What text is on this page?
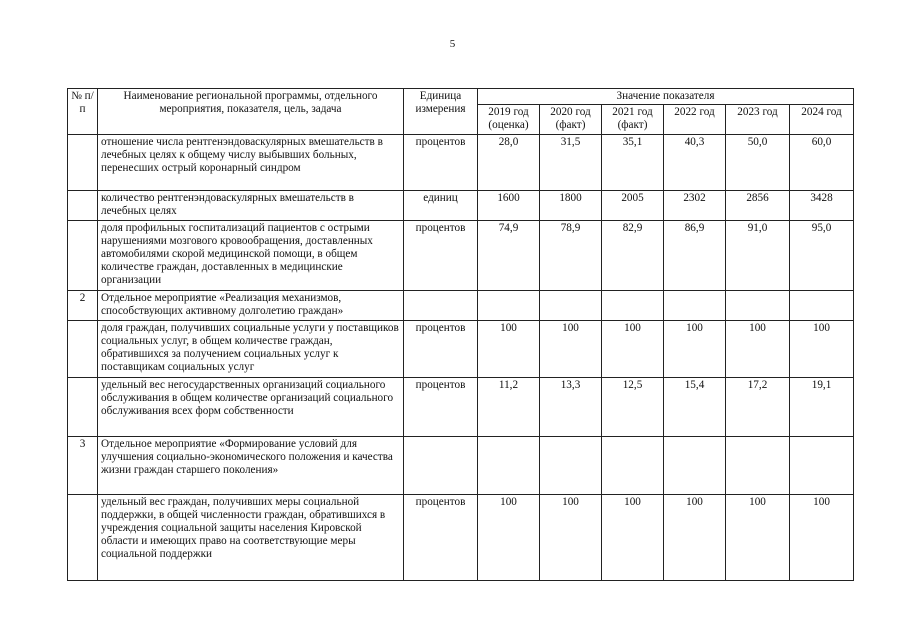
5
№ п/п	Наименование региональной программы, отдельного мероприятия, показателя, цель, задача	Единица измерения	Значение показателя					
			2019 год (оценка)	2020 год (факт)	2021 год (факт)	2022 год	2023 год	2024 год
	отношение числа рентгенэндоваскулярных вмешательств в лечебных целях к общему числу выбывших больных, перенесших острый коронарный синдром	процентов	28,0	31,5	35,1	40,3	50,0	60,0
	количество рентгенэндоваскулярных вмешательств в лечебных целях	единиц	1600	1800	2005	2302	2856	3428
	доля профильных госпитализаций пациентов с острыми нарушениями мозгового кровообращения, доставленных автомобилями скорой медицинской помощи, в общем количестве граждан, доставленных в медицинские организации	процентов	74,9	78,9	82,9	86,9	91,0	95,0
2	Отдельное мероприятие «Реализация механизмов, способствующих активному долголетию граждан»							
	доля граждан, получивших социальные услуги у поставщиков социальных услуг, в общем количестве граждан, обратившихся за получением социальных услуг к поставщикам социальных услуг	процентов	100	100	100	100	100	100
	удельный вес негосударственных организаций социального обслуживания в общем количестве организаций социального обслуживания всех форм собственности	процентов	11,2	13,3	12,5	15,4	17,2	19,1
3	Отдельное мероприятие «Формирование условий для улучшения социально-экономического положения и качества жизни граждан старшего поколения»							
	удельный вес граждан, получивших меры социальной поддержки, в общей численности граждан, обратившихся в учреждения социальной защиты населения Кировской области и имеющих право на соответствующие меры социальной поддержки	процентов	100	100	100	100	100	100
